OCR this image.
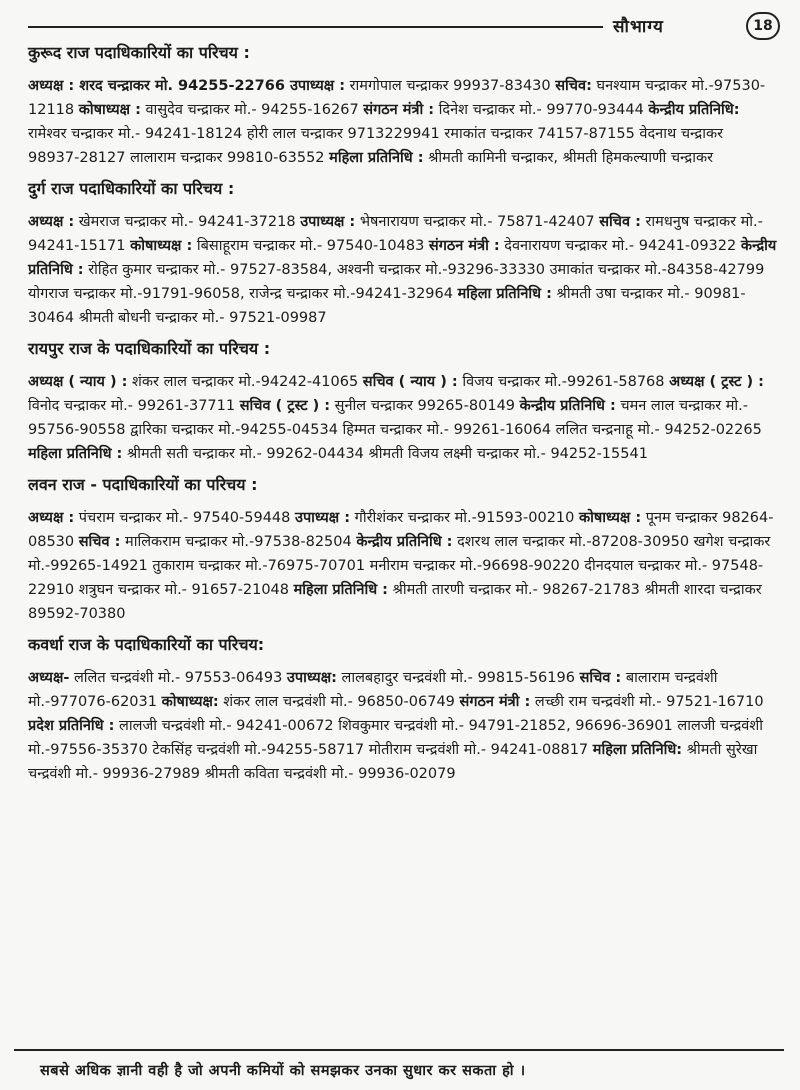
सौभाग्य	18
कुरूद राज पदाधिकारियों का परिचय :
अध्यक्ष : शरद चन्द्राकर मो. 94255-22766 उपाध्यक्ष : रामगोपाल चन्द्राकर 99937-83430 सचिव: घनश्याम चन्द्राकर मो.-97530-12118 कोषाध्यक्ष : वासुदेव चन्द्राकर मो.- 94255-16267 संगठन मंत्री : दिनेश चन्द्राकर मो.- 99770-93444 केन्द्रीय प्रतिनिधि: रामेश्वर चन्द्राकर मो.- 94241-18124 होरी लाल चन्द्राकर 9713229941 रमाकांत चन्द्राकर 74157-87155 वेदनाथ चन्द्राकर 98937-28127 लालाराम चन्द्राकर 99810-63552 महिला प्रतिनिधि : श्रीमती कामिनी चन्द्राकर, श्रीमती हिमकल्याणी चन्द्राकर
दुर्ग राज पदाधिकारियों का परिचय :
अध्यक्ष : खेमराज चन्द्राकर मो.- 94241-37218 उपाध्यक्ष : भेषनारायण चन्द्राकर मो.- 75871-42407 सचिव : रामधनुष चन्द्राकर मो.- 94241-15171 कोषाध्यक्ष : बिसाहूराम चन्द्राकर मो.- 97540-10483 संगठन मंत्री : देवनारायण चन्द्राकर मो.- 94241-09322 केन्द्रीय प्रतिनिधि : रोहित कुमार चन्द्राकर मो.- 97527-83584, अश्वनी चन्द्राकर मो.-93296-33330 उमाकांत चन्द्राकर मो.-84358-42799 योगराज चन्द्राकर मो.-91791-96058, राजेन्द्र चन्द्राकर मो.-94241-32964 महिला प्रतिनिधि : श्रीमती उषा चन्द्राकर मो.- 90981-30464 श्रीमती बोधनी चन्द्राकर मो.- 97521-09987
रायपुर राज के पदाधिकारियों का परिचय :
अध्यक्ष ( न्याय ) : शंकर लाल चन्द्राकर मो.-94242-41065 सचिव ( न्याय ) : विजय चन्द्राकर मो.-99261-58768 अध्यक्ष ( ट्रस्ट ) : विनोद चन्द्राकर मो.- 99261-37711 सचिव ( ट्रस्ट ) : सुनील चन्द्राकर 99265-80149 केन्द्रीय प्रतिनिधि : चमन लाल चन्द्राकर मो.- 95756-90558 द्वारिका चन्द्राकर मो.-94255-04534 हिम्मत चन्द्राकर मो.- 99261-16064 ललित चन्द्रनाहू मो.- 94252-02265 महिला प्रतिनिधि : श्रीमती सती चन्द्राकर मो.- 99262-04434 श्रीमती विजय लक्ष्मी चन्द्राकर मो.- 94252-15541
लवन राज - पदाधिकारियों का परिचय :
अध्यक्ष : पंचराम चन्द्राकर मो.- 97540-59448 उपाध्यक्ष : गौरीशंकर चन्द्राकर मो.-91593-00210 कोषाध्यक्ष : पूनम चन्द्राकर 98264-08530 सचिव : मालिकराम चन्द्राकर मो.-97538-82504 केन्द्रीय प्रतिनिधि : दशरथ लाल चन्द्राकर मो.-87208-30950 खगेश चन्द्राकर मो.-99265-14921 तुकाराम चन्द्राकर मो.-76975-70701 मनीराम चन्द्राकर मो.-96698-90220 दीनदयाल चन्द्राकर मो.- 97548-22910 शत्रुघन चन्द्राकर मो.- 91657-21048 महिला प्रतिनिधि : श्रीमती तारणी चन्द्राकर मो.- 98267-21783 श्रीमती शारदा चन्द्राकर 89592-70380
कवर्धा राज के पदाधिकारियों का परिचय:
अध्यक्ष- ललित चन्द्रवंशी मो.- 97553-06493 उपाध्यक्ष: लालबहादुर चन्द्रवंशी मो.- 99815-56196 सचिव : बालाराम चन्द्रवंशी मो.-977076-62031 कोषाध्यक्ष: शंकर लाल चन्द्रवंशी मो.- 96850-06749 संगठन मंत्री : लच्छी राम चन्द्रवंशी मो.- 97521-16710 प्रदेश प्रतिनिधि : लालजी चन्द्रवंशी मो.- 94241-00672 शिवकुमार चन्द्रवंशी मो.- 94791-21852, 96696-36901 लालजी चन्द्रवंशी मो.-97556-35370 टेकसिंह चन्द्रवंशी मो.-94255-58717 मोतीराम चन्द्रवंशी मो.- 94241-08817 महिला प्रतिनिधि: श्रीमती सुरेखा चन्द्रवंशी मो.- 99936-27989 श्रीमती कविता चन्द्रवंशी मो.- 99936-02079
सबसे अधिक ज्ञानी वही है जो अपनी कमियों को समझकर उनका सुधार कर सकता हो ।
